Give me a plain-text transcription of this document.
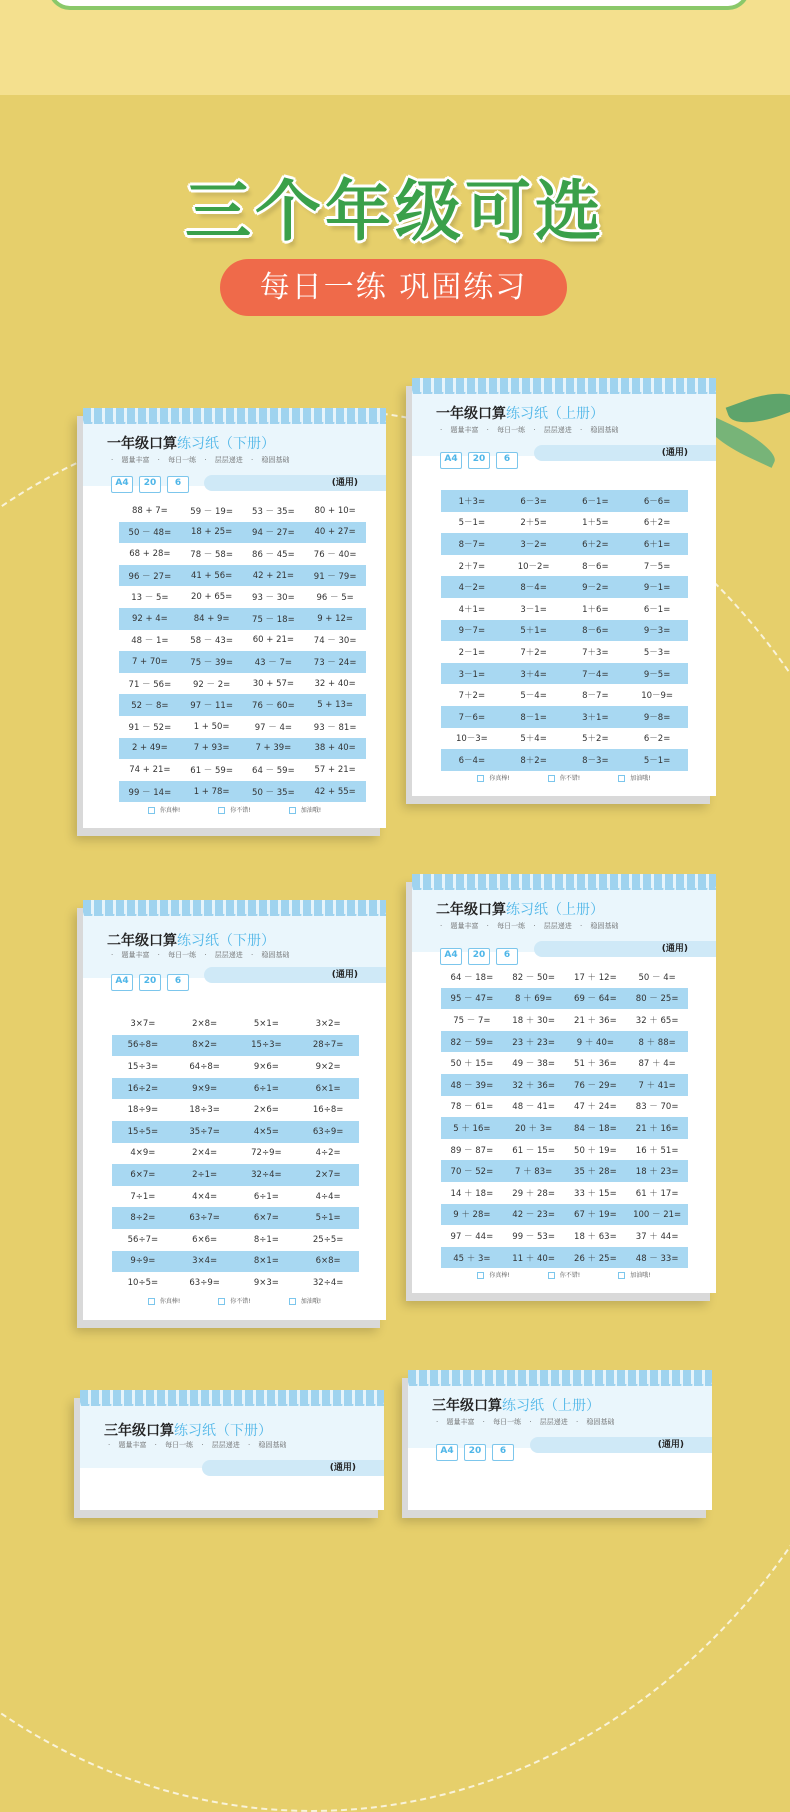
三个年级可选
每日一练 巩固练习
一年级口算练习纸（下册）
· 题量丰富 · 每日一练 · 层层递进 · 稳固基础
A4	20	6	(通用)
88 + 7=	59 － 19=	53 － 35=	80 + 10=
50 － 48=	18 + 25=	94 － 27=	40 + 27=
68 + 28=	78 － 58=	86 － 45=	76 － 40=
96 － 27=	41 + 56=	42 + 21=	91 － 79=
13 － 5=	20 + 65=	93 － 30=	96 － 5=
92 + 4=	84 + 9=	75 － 18=	9 + 12=
48 － 1=	58 － 43=	60 + 21=	74 － 30=
7 + 70=	75 － 39=	43 － 7=	73 － 24=
71 － 56=	92 － 2=	30 + 57=	32 + 40=
52 － 8=	97 － 11=	76 － 60=	5 + 13=
91 － 52=	1 + 50=	97 － 4=	93 － 81=
2 + 49=	7 + 93=	7 + 39=	38 + 40=
74 + 21=	61 － 59=	64 － 59=	57 + 21=
99 － 14=	1 + 78=	50 － 35=	42 + 55=
你真棒!	你不错!	加油哦!
一年级口算练习纸（上册）
· 题量丰富 · 每日一练 · 层层递进 · 稳固基础
A4	20	6
(通用)
1＋3=	6－3=	6－1=	6－6=
5－1=	2＋5=	1＋5=	6＋2=
8－7=	3－2=	6＋2=	6＋1=
2＋7=	10－2=	8－6=	7－5=
4－2=	8－4=	9－2=	9－1=
4＋1=	3－1=	1＋6=	6－1=
9－7=	5＋1=	8－6=	9－3=
2－1=	7＋2=	7＋3=	5－3=
3－1=	3＋4=	7－4=	9－5=
7＋2=	5－4=	8－7=	10－9=
7－6=	8－1=	3＋1=	9－8=
10－3=	5＋4=	5＋2=	6－2=
6－4=	8＋2=	8－3=	5－1=
你真棒!	你不错!	加油哦!
二年级口算练习纸（下册）
· 题量丰富 · 每日一练 · 层层递进 · 稳固基础
A4	20	6
(通用)
3×7=	2×8=	5×1=	3×2=
56÷8=	8×2=	15÷3=	28÷7=
15÷3=	64÷8=	9×6=	9×2=
16÷2=	9×9=	6÷1=	6×1=
18÷9=	18÷3=	2×6=	16÷8=
15÷5=	35÷7=	4×5=	63÷9=
4×9=	2×4=	72÷9=	4÷2=
6×7=	2÷1=	32÷4=	2×7=
7÷1=	4×4=	6÷1=	4÷4=
8÷2=	63÷7=	6×7=	5÷1=
56÷7=	6×6=	8÷1=	25÷5=
9÷9=	3×4=	8×1=	6×8=
10÷5=	63÷9=	9×3=	32÷4=
你真棒!	你不错!	加油哦!
二年级口算练习纸（上册）
· 题量丰富 · 每日一练 · 层层递进 · 稳固基础
A4	20	6
(通用)
64 － 18=	82 － 50=	17 ＋ 12=	50 － 4=
95 － 47=	8 ＋ 69=	69 － 64=	80 － 25=
75 － 7=	18 ＋ 30=	21 ＋ 36=	32 ＋ 65=
82 － 59=	23 ＋ 23=	9 ＋ 40=	8 ＋ 88=
50 ＋ 15=	49 － 38=	51 ＋ 36=	87 ＋ 4=
48 － 39=	32 ＋ 36=	76 － 29=	7 ＋ 41=
78 － 61=	48 － 41=	47 ＋ 24=	83 － 70=
5 ＋ 16=	20 ＋ 3=	84 － 18=	21 ＋ 16=
89 － 87=	61 － 15=	50 ＋ 19=	16 ＋ 51=
70 － 52=	7 ＋ 83=	35 ＋ 28=	18 ＋ 23=
14 ＋ 18=	29 ＋ 28=	33 ＋ 15=	61 ＋ 17=
9 ＋ 28=	42 － 23=	67 ＋ 19=	100 － 21=
97 － 44=	99 － 53=	18 ＋ 63=	37 ＋ 44=
45 ＋ 3=	11 ＋ 40=	26 ＋ 25=	48 － 33=
你真棒!	你不错!	加油哦!
三年级口算练习纸（下册）
· 题量丰富 · 每日一练 · 层层递进 · 稳固基础
(通用)
三年级口算练习纸（上册）
· 题量丰富 · 每日一练 · 层层递进 · 稳固基础
A4	20	6
(通用)
